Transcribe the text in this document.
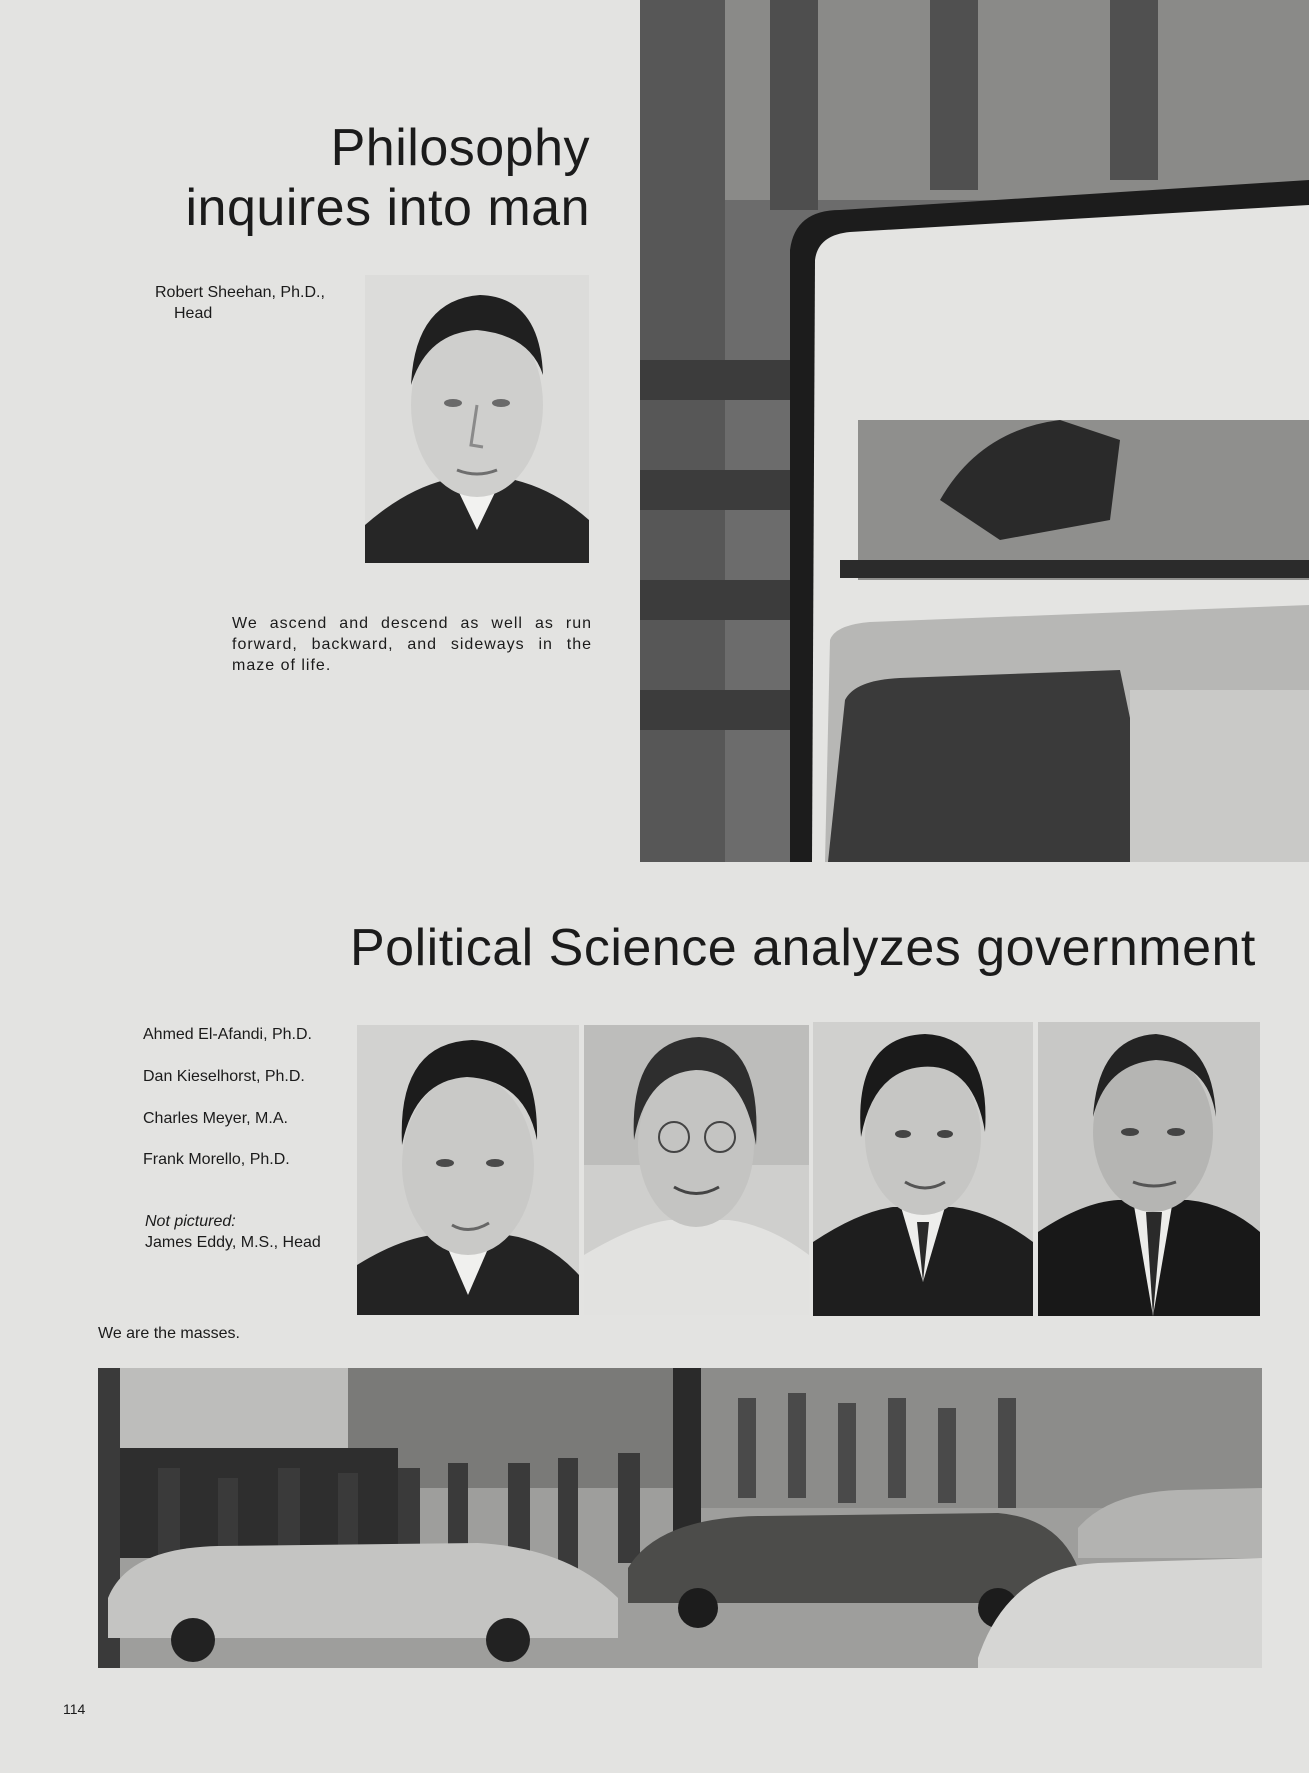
Philosophy
inquires into man
Robert Sheehan, Ph.D.,
Head
We ascend and descend as well as run forward, backward, and sideways in the maze of life.
Political Science analyzes government
Ahmed El-Afandi, Ph.D.
Dan Kieselhorst, Ph.D.
Charles Meyer, M.A.
Frank Morello, Ph.D.
Not pictured:
James Eddy, M.S., Head
We are the masses.
114
